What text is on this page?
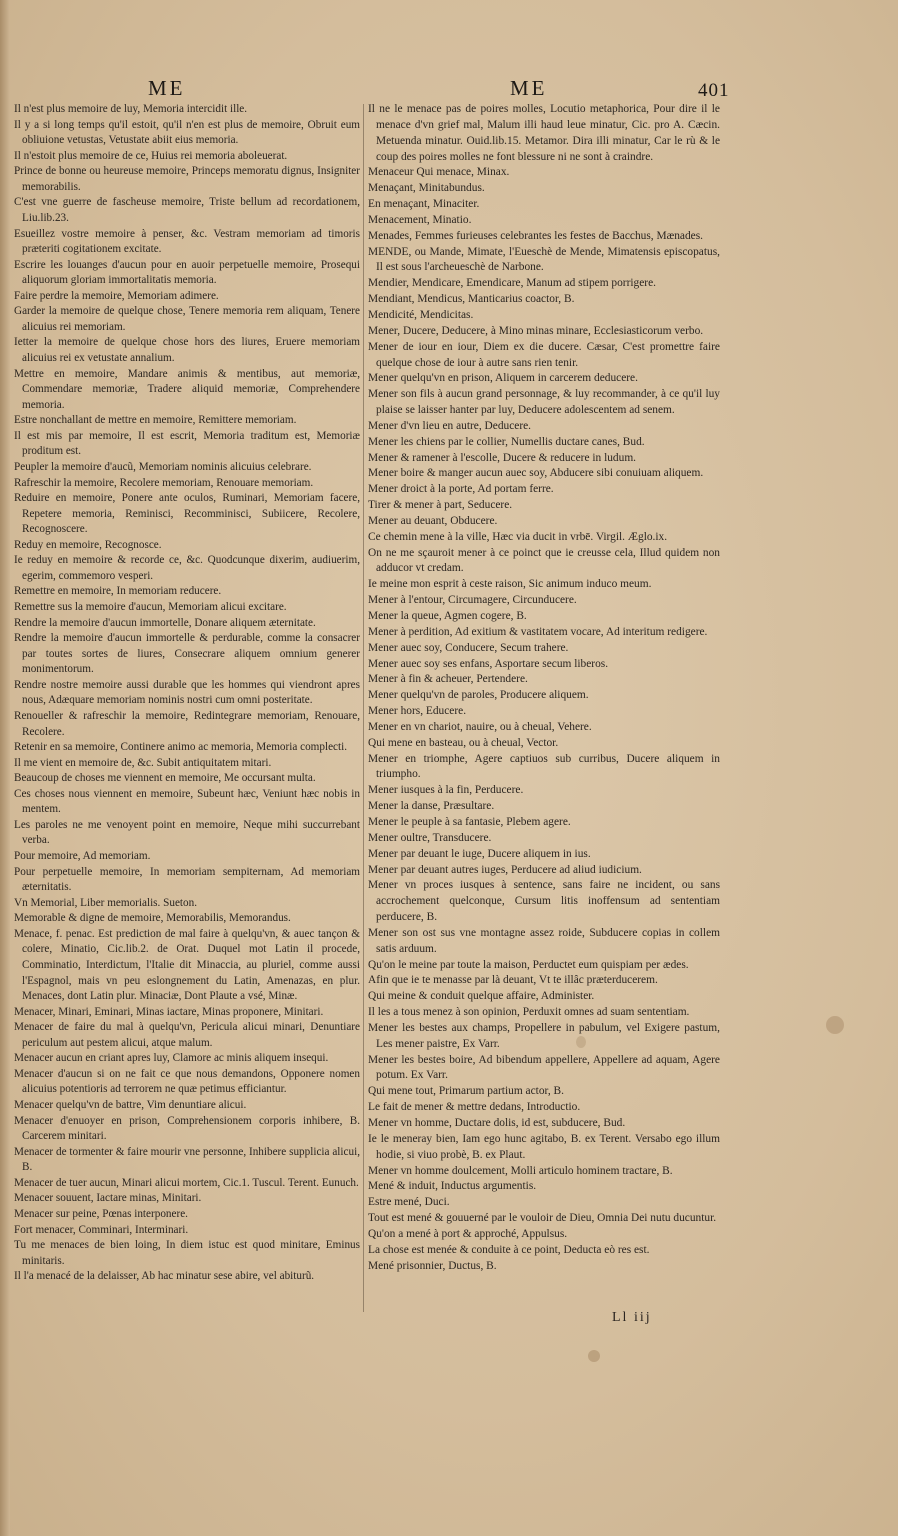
ME	ME	401

Il n'est plus memoire de luy, Memoria intercidit ille.

Il y a si long temps qu'il estoit, qu'il n'en est plus de memoire, Obruit eum obliuione vetustas, Vetustate abiit eius memoria.

Il n'estoit plus memoire de ce, Huius rei memoria aboleuerat.

Prince de bonne ou heureuse memoire, Princeps memoratu dignus, Insigniter memorabilis.

C'est vne guerre de fascheuse memoire, Triste bellum ad recordationem, Liu.lib.23.

Esueillez vostre memoire à penser, &c. Vestram memoriam ad timoris præteriti cogitationem excitate.

Escrire les louanges d'aucun pour en auoir perpetuelle memoire, Prosequi aliquorum gloriam immortalitatis memoria.

Faire perdre la memoire, Memoriam adimere.

Garder la memoire de quelque chose, Tenere memoria rem aliquam, Tenere alicuius rei memoriam.

Ietter la memoire de quelque chose hors des liures, Eruere memoriam alicuius rei ex vetustate annalium.

Mettre en memoire, Mandare animis & mentibus, aut memoriæ, Commendare memoriæ, Tradere aliquid memoriæ, Comprehendere memoria.

Estre nonchallant de mettre en memoire, Remittere memoriam.

Il est mis par memoire, Il est escrit, Memoria traditum est, Memoriæ proditum est.

Peupler la memoire d'aucũ, Memoriam nominis alicuius celebrare.

Rafreschir la memoire, Recolere memoriam, Renouare memoriam.

Reduire en memoire, Ponere ante oculos, Ruminari, Memoriam facere, Repetere memoria, Reminisci, Recomminisci, Subiicere, Recolere, Recognoscere.

Reduy en memoire, Recognosce.

Ie reduy en memoire & recorde ce, &c. Quodcunque dixerim, audiuerim, egerim, commemoro vesperi.

Remettre en memoire, In memoriam reducere.

Remettre sus la memoire d'aucun, Memoriam alicui excitare.

Rendre la memoire d'aucun immortelle, Donare aliquem æternitate.

Rendre la memoire d'aucun immortelle & perdurable, comme la consacrer par toutes sortes de liures, Consecrare aliquem omnium generer monimentorum.

Rendre nostre memoire aussi durable que les hommes qui viendront apres nous, Adæquare memoriam nominis nostri cum omni posteritate.

Renoueller & rafreschir la memoire, Redintegrare memoriam, Renouare, Recolere.

Retenir en sa memoire, Continere animo ac memoria, Memoria complecti.

Il me vient en memoire de, &c. Subit antiquitatem mitari.

Beaucoup de choses me viennent en memoire, Me occursant multa.

Ces choses nous viennent en memoire, Subeunt hæc, Veniunt hæc nobis in mentem.

Les paroles ne me venoyent point en memoire, Neque mihi succurrebant verba.

Pour memoire, Ad memoriam.

Pour perpetuelle memoire, In memoriam sempiternam, Ad memoriam æternitatis.

Vn Memorial, Liber memorialis. Sueton.

Memorable & digne de memoire, Memorabilis, Memorandus.

Menace, f. penac. Est prediction de mal faire à quelqu'vn, & auec tançon & colere, Minatio, Cic.lib.2. de Orat. Duquel mot Latin il procede, Comminatio, Interdictum, l'Italie dit Minaccia, au pluriel, comme aussi l'Espagnol, mais vn peu eslongnement du Latin, Amenazas, en plur. Menaces, dont Latin plur. Minaciæ, Dont Plaute a vsé, Minæ.

Menacer, Minari, Eminari, Minas iactare, Minas proponere, Minitari.

Menacer de faire du mal à quelqu'vn, Pericula alicui minari, Denuntiare periculum aut pestem alicui, atque malum.

Menacer aucun en criant apres luy, Clamore ac minis aliquem insequi.

Menacer d'aucun si on ne fait ce que nous demandons, Opponere nomen alicuius potentioris ad terrorem ne quæ petimus efficiantur.

Menacer quelqu'vn de battre, Vim denuntiare alicui.

Menacer d'enuoyer en prison, Comprehensionem corporis inhibere, B. Carcerem minitari.

Menacer de tormenter & faire mourir vne personne, Inhibere supplicia alicui, B.

Menacer de tuer aucun, Minari alicui mortem, Cic.1. Tuscul. Terent. Eunuch.

Menacer souuent, Iactare minas, Minitari.

Menacer sur peine, Pœnas interponere.

Fort menacer, Comminari, Interminari.

Tu me menaces de bien loing, In diem istuc est quod minitare, Eminus minitaris.

Il l'a menacé de la delaisser, Ab hac minatur sese abire, vel abiturũ.

Il ne le menace pas de poires molles, Locutio metaphorica, Pour dire il le menace d'vn grief mal, Malum illi haud leue minatur, Cic. pro A. Cæcin. Metuenda minatur. Ouid.lib.15. Metamor. Dira illi minatur, Car le rù & le coup des poires molles ne font blessure ni ne sont à craindre.

Menaceur Qui menace, Minax.

Menaçant, Minitabundus.

En menaçant, Minaciter.

Menacement, Minatio.

Menades, Femmes furieuses celebrantes les festes de Bacchus, Mænades.

MENDE, ou Mande, Mimate, l'Eueschè de Mende, Mimatensis episcopatus, Il est sous l'archeueschè de Narbone.

Mendier, Mendicare, Emendicare, Manum ad stipem porrigere.

Mendiant, Mendicus, Manticarius coactor, B.

Mendicité, Mendicitas.

Mener, Ducere, Deducere, à Mino minas minare, Ecclesiasticorum verbo.

Mener de iour en iour, Diem ex die ducere. Cæsar, C'est promettre faire quelque chose de iour à autre sans rien tenir.

Mener quelqu'vn en prison, Aliquem in carcerem deducere.

Mener son fils à aucun grand personnage, & luy recommander, à ce qu'il luy plaise se laisser hanter par luy, Deducere adolescentem ad senem.

Mener d'vn lieu en autre, Deducere.

Mener les chiens par le collier, Numellis ductare canes, Bud.

Mener & ramener à l'escolle, Ducere & reducere in ludum.

Mener boire & manger aucun auec soy, Abducere sibi conuiuam aliquem.

Mener droict à la porte, Ad portam ferre.

Tirer & mener à part, Seducere.

Mener au deuant, Obducere.

Ce chemin mene à la ville, Hæc via ducit in vrbē. Virgil. Æglo.ix.

On ne me sçauroit mener à ce poinct que ie creusse cela, Illud quidem non adducor vt credam.

Ie meine mon esprit à ceste raison, Sic animum induco meum.

Mener à l'entour, Circumagere, Circunducere.

Mener la queue, Agmen cogere, B.

Mener à perdition, Ad exitium & vastitatem vocare, Ad interitum redigere.

Mener auec soy, Conducere, Secum trahere.

Mener auec soy ses enfans, Asportare secum liberos.

Mener à fin & acheuer, Pertendere.

Mener quelqu'vn de paroles, Producere aliquem.

Mener hors, Educere.

Mener en vn chariot, nauire, ou à cheual, Vehere.

Qui mene en basteau, ou à cheual, Vector.

Mener en triomphe, Agere captiuos sub curribus, Ducere aliquem in triumpho.

Mener iusques à la fin, Perducere.

Mener la danse, Præsultare.

Mener le peuple à sa fantasie, Plebem agere.

Mener oultre, Transducere.

Mener par deuant le iuge, Ducere aliquem in ius.

Mener par deuant autres iuges, Perducere ad aliud iudicium.

Mener vn proces iusques à sentence, sans faire ne incident, ou sans accrochement quelconque, Cursum litis inoffensum ad sententiam perducere, B.

Mener son ost sus vne montagne assez roide, Subducere copias in collem satis arduum.

Qu'on le meine par toute la maison, Perductet eum quispiam per ædes.

Afin que ie te menasse par là deuant, Vt te illâc præterducerem.

Qui meine & conduit quelque affaire, Administer.

Il les a tous menez à son opinion, Perduxit omnes ad suam sententiam.

Mener les bestes aux champs, Propellere in pabulum, vel Exigere pastum, Les mener paistre, Ex Varr.

Mener les bestes boire, Ad bibendum appellere, Appellere ad aquam, Agere potum. Ex Varr.

Qui mene tout, Primarum partium actor, B.

Le fait de mener & mettre dedans, Introductio.

Mener vn homme, Ductare dolis, id est, subducere, Bud.

Ie le meneray bien, Iam ego hunc agitabo, B. ex Terent. Versabo ego illum hodie, si viuo probè, B. ex Plaut.

Mener vn homme doulcement, Molli articulo hominem tractare, B.

Mené & induit, Inductus argumentis.

Estre mené, Duci.

Tout est mené & gouuerné par le vouloir de Dieu, Omnia Dei nutu ducuntur.

Qu'on a mené à port & approché, Appulsus.

La chose est menée & conduite à ce point, Deducta eò res est.

Mené prisonnier, Ductus, B.

Ll iij
